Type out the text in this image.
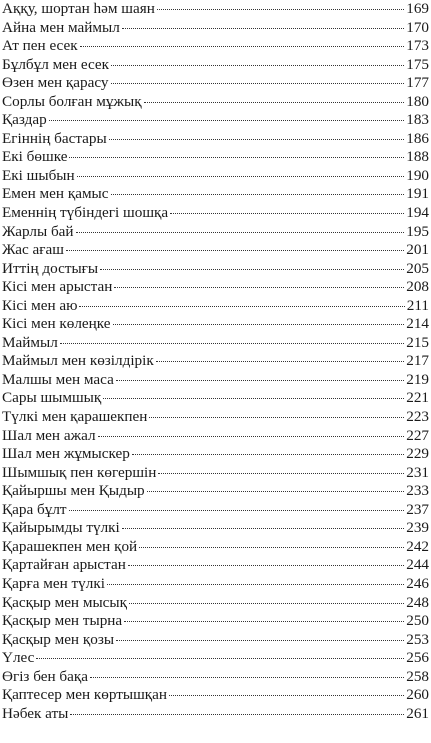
Аққу, шортан һәм шаян	169
Айна мен маймыл	170
Ат пен есек	173
Бұлбұл мен есек	175
Өзен мен қарасу	177
Сорлы болған мұжық	180
Қаздар	183
Егіннің бастары	186
Екі бөшке	188
Екі шыбын	190
Емен мен қамыс	191
Еменнің түбіндегі шошқа	194
Жарлы бай	195
Жас ағаш	201
Иттің достығы	205
Кісі мен арыстан	208
Кісі мен аю	211
Кісі мен көлеңке	214
Маймыл	215
Маймыл мен көзілдірік	217
Малшы мен маса	219
Сары шымшық	221
Түлкі мен қарашекпен	223
Шал мен ажал	227
Шал мен жұмыскер	229
Шымшық пен көгершін	231
Қайыршы мен Қыдыр	233
Қара бұлт	237
Қайырымды түлкі	239
Қарашекпен мен қой	242
Қартайған арыстан	244
Қарға мен түлкі	246
Қасқыр мен мысық	248
Қасқыр мен тырна	250
Қасқыр мен қозы	253
Үлес	256
Өгіз бен бақа	258
Қаптесер мен көртышқан	260
Нәбек аты	261
